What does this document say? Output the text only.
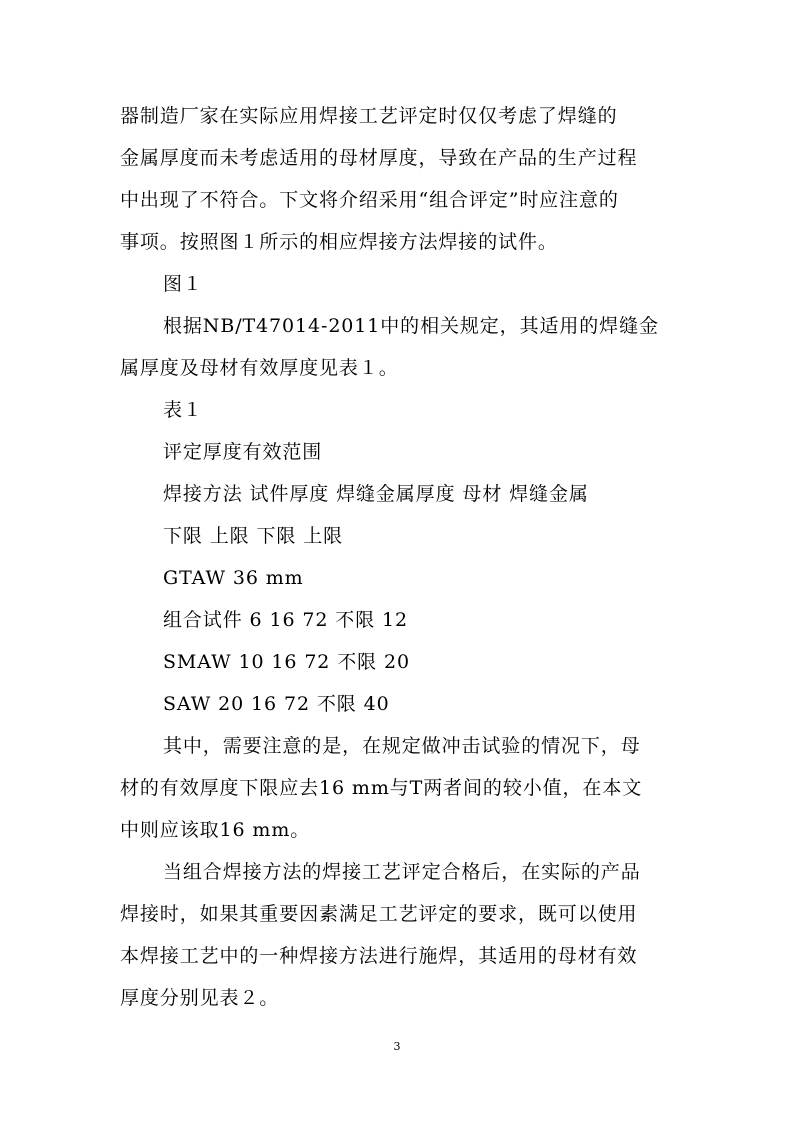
器制造厂家在实际应用焊接工艺评定时仅仅考虑了焊缝的
金属厚度而未考虑适用的母材厚度，导致在产品的生产过程
中出现了不符合。下文将介绍采用“组合评定”时应注意的
事项。按照图１所示的相应焊接方法焊接的试件。
图１
根据NB/T47014-2011中的相关规定，其适用的焊缝金
属厚度及母材有效厚度见表１。
表１
评定厚度有效范围
焊接方法 试件厚度 焊缝金属厚度 母材 焊缝金属
下限 上限 下限 上限
GTAW 36 mm
组合试件 6 16 72 不限 12
SMAW 10 16 72 不限 20
SAW 20 16 72 不限 40
其中，需要注意的是，在规定做冲击试验的情况下，母
材的有效厚度下限应去16 mm与T两者间的较小值，在本文
中则应该取16 mm。
当组合焊接方法的焊接工艺评定合格后，在实际的产品
焊接时，如果其重要因素满足工艺评定的要求，既可以使用
本焊接工艺中的一种焊接方法进行施焊，其适用的母材有效
厚度分别见表２。
3
